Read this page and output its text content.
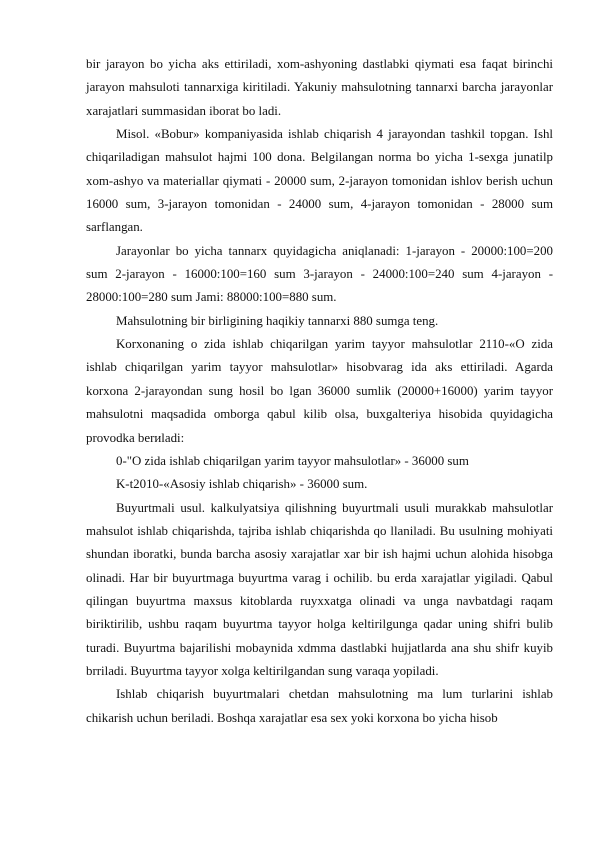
bir jarayon bo yicha aks ettiriladi, xom-ashyoning dastlabki qiymati esa faqat birinchi jarayon mahsuloti tannarxiga kiritiladi. Yakuniy mahsulotning tannarxi barcha jarayonlar xarajatlari summasidan iborat bo ladi.

Misol. «Bobur» kompaniyasida ishlab chiqarish 4 jarayondan tashkil topgan. Ishl chiqariladigan mahsulot hajmi 100 dona. Belgilangan norma bo yicha 1-sexga junatilp xom-ashyo va materiallar qiymati - 20000 sum, 2-jarayon tomonidan ishlov berish uchun 16000 sum, 3-jarayon tomonidan - 24000 sum, 4-jarayon tomonidan - 28000 sum sarflangan.

Jarayonlar bo yicha tannarx quyidagicha aniqlanadi: 1-jarayon - 20000:100=200 sum 2-jarayon - 16000:100=160 sum 3-jarayon - 24000:100=240 sum 4-jarayon - 28000:100=280 sum Jami: 88000:100=880 sum.

Mahsulotning bir birligining haqikiy tannarxi 880 sumga teng.

Korxonaning o zida ishlab chiqarilgan yarim tayyor mahsulotlar 2110-«O zida ishlab chiqarilgan yarim tayyor mahsulotlar» hisobvarag ida aks ettiriladi. Agarda korxona 2-jarayondan sung hosil bo lgan 36000 sumlik (20000+16000) yarim tayyor mahsulotni maqsadida omborga qabul kilib olsa, buxgalteriya hisobida quyidagicha provodka berиladi:

0-"O zida ishlab chiqarilgan yarim tayyor mahsulotlar» - 36000 sum

K-t2010-«Asosiy ishlab chiqarish» - 36000 sum.

Buyurtmali usul. kalkulyatsiya qilishning buyurtmali usuli murakkab mahsulotlar mahsulot ishlab chiqarishda, tajriba ishlab chiqarishda qo llaniladi. Bu usulning mohiyati shundan iboratki, bunda barcha asosiy xarajatlar xar bir ish hajmi uchun alohida hisobga olinadi. Har bir buyurtmaga buyurtma varag i ochilib. bu erda xarajatlar yigiladi. Qabul qilingan buyurtma maxsus kitoblarda ruyxxatga olinadi va unga navbatdagi raqam biriktirilib, ushbu raqam buyurtma tayyor holga keltirilgunga qadar uning shifri bulib turadi. Buyurtma bajarilishi mobaynida xdmma dastlabki hujjatlarda ana shu shifr kuyib brriladi. Buyurtma tayyor xolga keltirilgandan sung varaqa yopiladi.

Ishlab chiqarish buyurtmalari chetdan mahsulotning ma lum turlarini ishlab chikarish uchun beriladi. Boshqa xarajatlar esa sex yoki korxona bo yicha hisob
